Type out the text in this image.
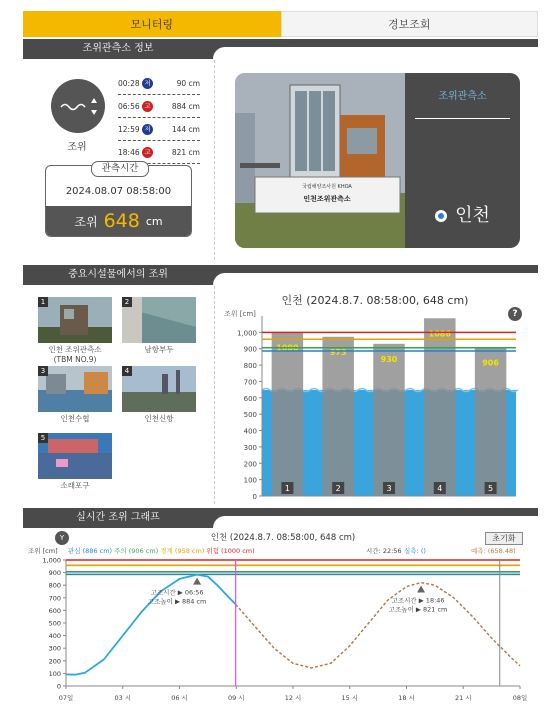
모니터링	경보조회
조위관측소 정보
조위
00:28 저	90 cm
06:56 고	884 cm
12:59 저	144 cm
18:46 고	821 cm
관측시간
2024.08.07 08:58:00
조위 648 cm
국립해양조사원 KHOA
인천조위관측소
조위관측소
인천
중요시설물에서의 조위
1
인천 조위관측소
(TBM NO.9)
2
남항부두
3
인천수협
4
인천신항
5
소래포구
인천 (2024.8.7. 08:58:00, 648 cm)
조위 [cm]
0
100
200
300
400
500
600
700
800
900
1,000
1000
1
973
2
930
3
1086
4
906
5
?
실시간 조위 그래프
Y	초기화
인천 (2024.8.7. 08:58:00, 648 cm)
조위 [cm] 관심 (886 cm) 주의 (906 cm) 경계 (958 cm) 위험 (1000 cm)	시간: 22:56 실측: ()	예측: (658.48)
0
100
200
300
400
500
600
700
800
900
1,000
07일	03 시	06 시	09 시	12 시	15 시	18 시	21 시	08일
고조시간 ▶ 06:56
고조높이 ▶ 884 cm	고조시간 ▶ 18:46
고조높이 ▶ 821 cm
